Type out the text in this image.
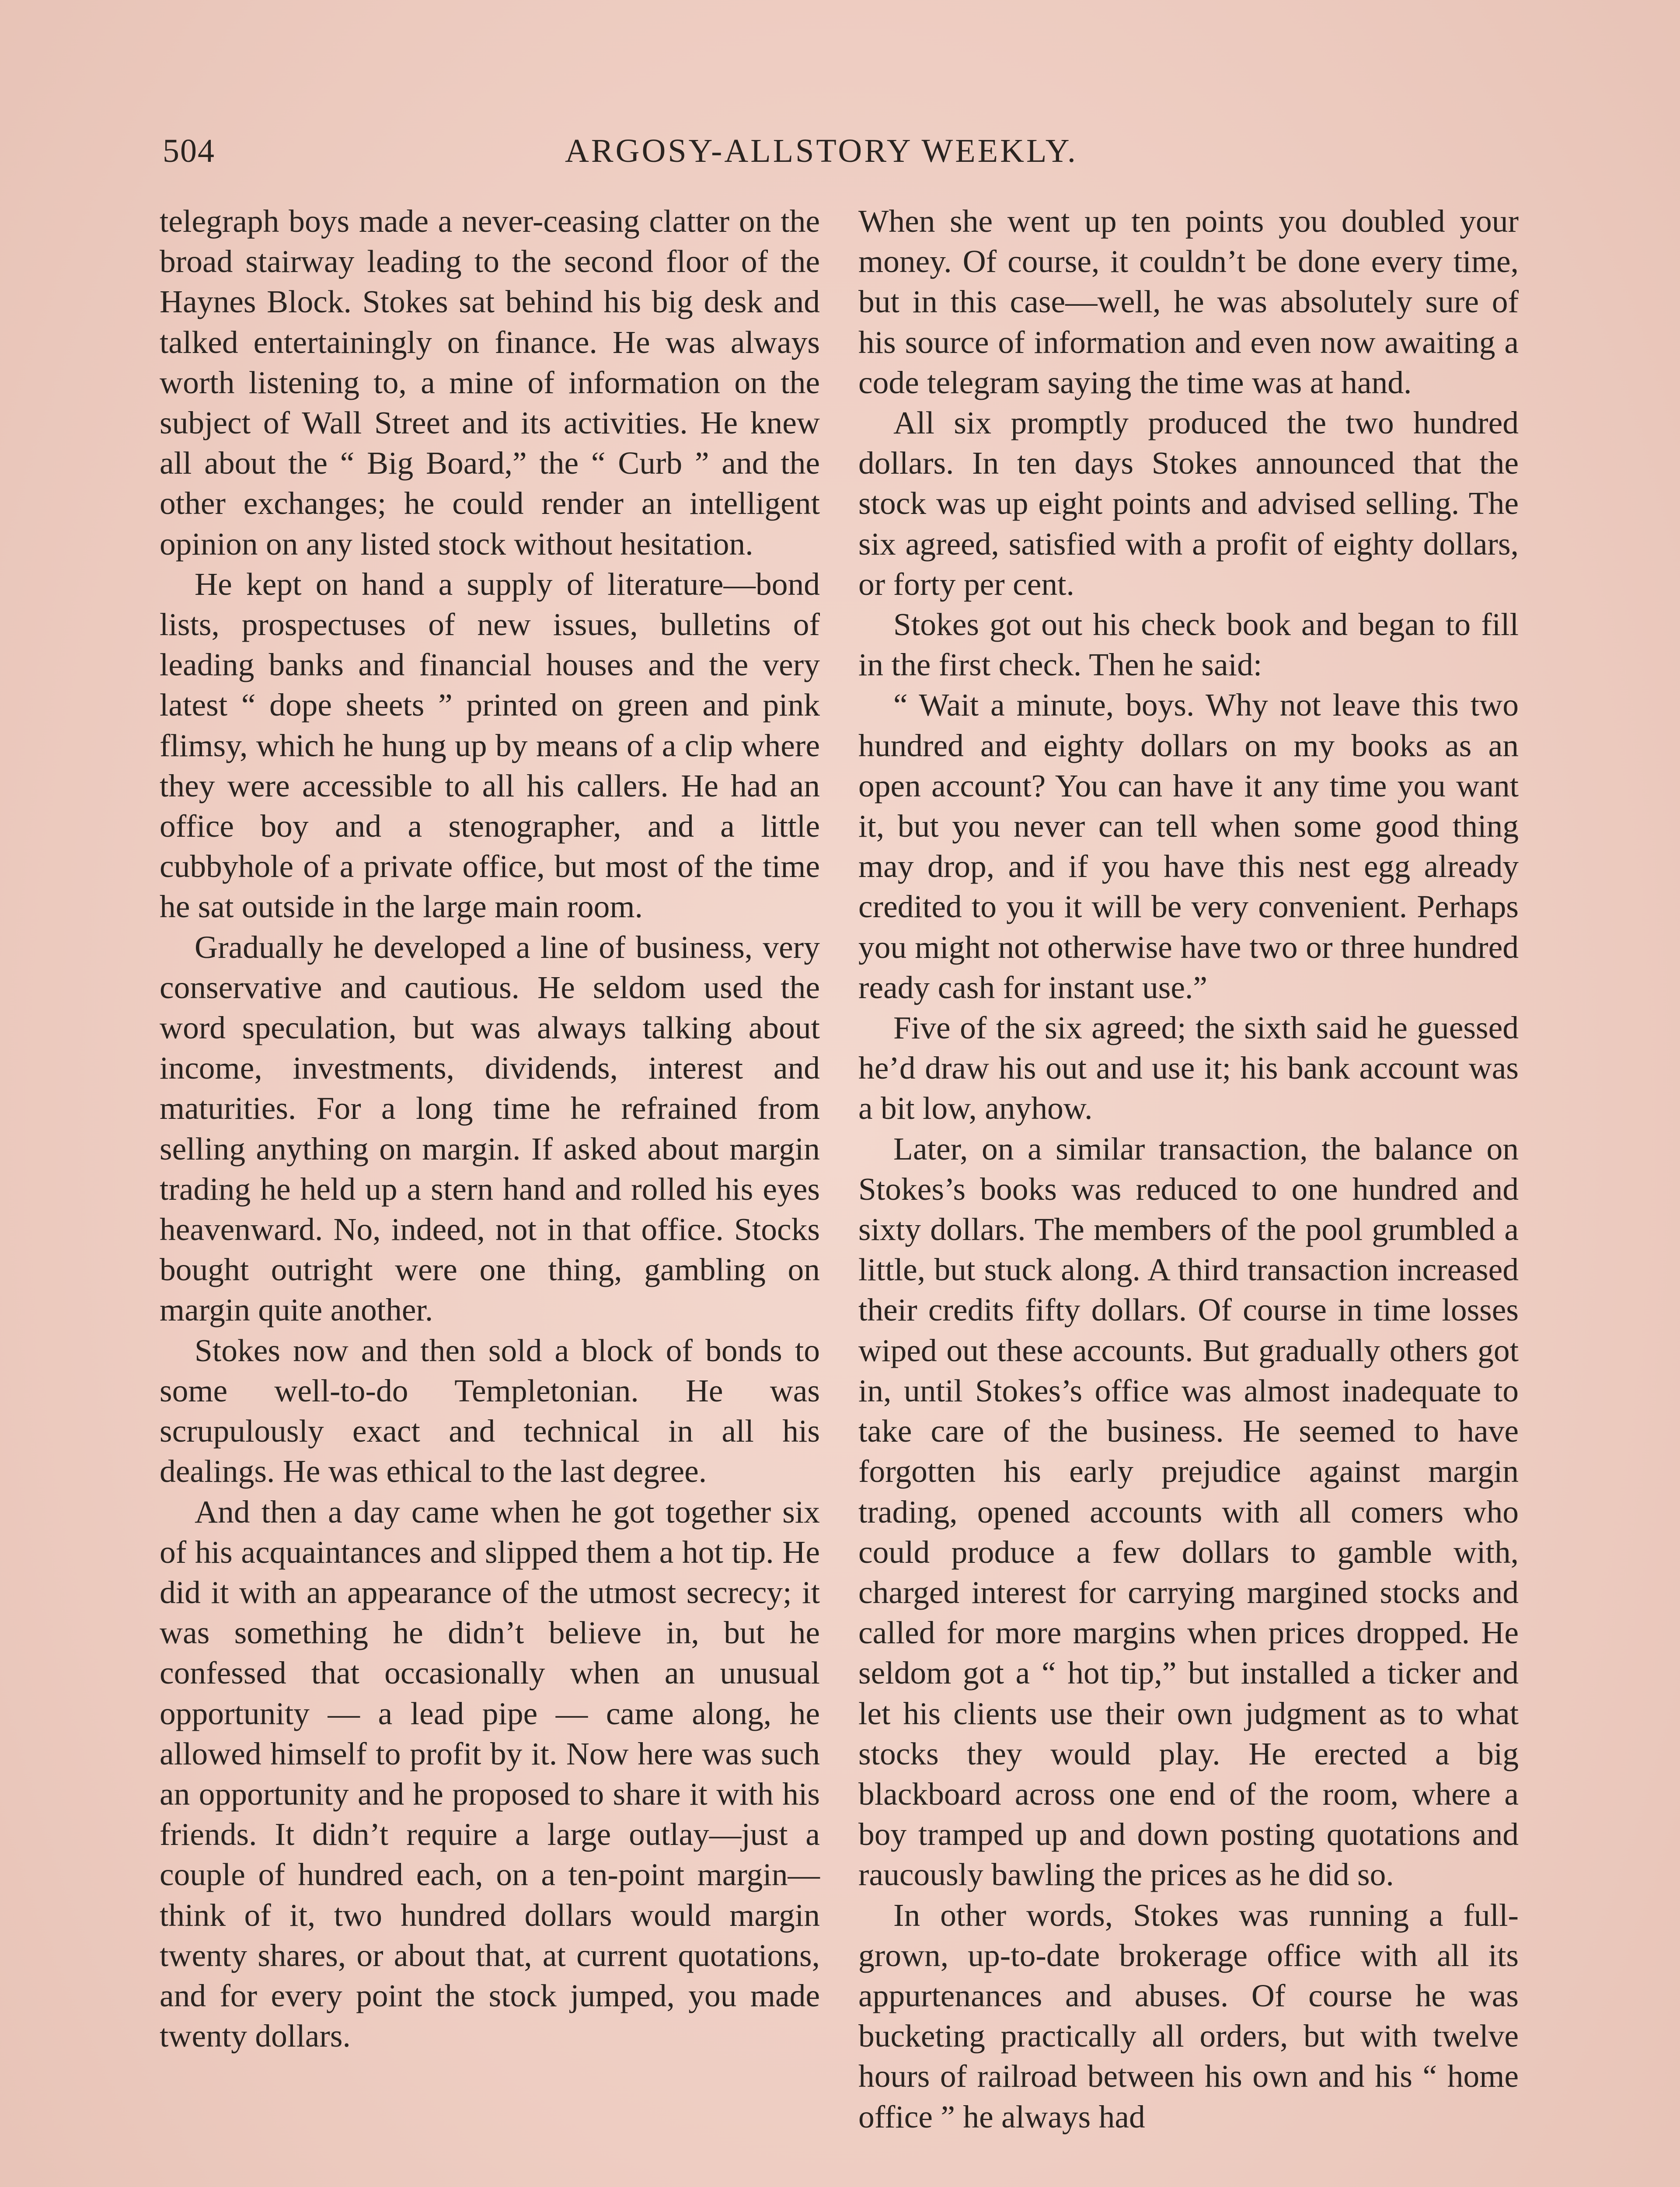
504	ARGOSY-ALLSTORY WEEKLY.

telegraph boys made a never-ceasing clatter on the broad stairway leading to the second floor of the Haynes Block. Stokes sat behind his big desk and talked entertainingly on finance. He was always worth listening to, a mine of information on the subject of Wall Street and its activities. He knew all about the “ Big Board,” the “ Curb ” and the other exchanges; he could render an intelligent opinion on any listed stock without hesitation.

He kept on hand a supply of literature—bond lists, prospectuses of new issues, bulletins of leading banks and financial houses and the very latest “ dope sheets ” printed on green and pink flimsy, which he hung up by means of a clip where they were accessible to all his callers. He had an office boy and a stenographer, and a little cubbyhole of a private office, but most of the time he sat outside in the large main room.

Gradually he developed a line of business, very conservative and cautious. He seldom used the word speculation, but was always talking about income, investments, dividends, interest and maturities. For a long time he refrained from selling anything on margin. If asked about margin trading he held up a stern hand and rolled his eyes heavenward. No, indeed, not in that office. Stocks bought outright were one thing, gambling on margin quite another.

Stokes now and then sold a block of bonds to some well-to-do Templetonian. He was scrupulously exact and technical in all his dealings. He was ethical to the last degree.

And then a day came when he got together six of his acquaintances and slipped them a hot tip. He did it with an appearance of the utmost secrecy; it was something he didn’t believe in, but he confessed that occasionally when an unusual opportunity — a lead pipe — came along, he allowed himself to profit by it. Now here was such an opportunity and he proposed to share it with his friends. It didn’t require a large outlay—just a couple of hundred each, on a ten-point margin—think of it, two hundred dollars would margin twenty shares, or about that, at current quotations, and for every point the stock jumped, you made twenty dollars.

When she went up ten points you doubled your money. Of course, it couldn’t be done every time, but in this case—well, he was absolutely sure of his source of information and even now awaiting a code telegram saying the time was at hand.

All six promptly produced the two hundred dollars. In ten days Stokes announced that the stock was up eight points and advised selling. The six agreed, satisfied with a profit of eighty dollars, or forty per cent.

Stokes got out his check book and began to fill in the first check. Then he said:

“ Wait a minute, boys. Why not leave this two hundred and eighty dollars on my books as an open account? You can have it any time you want it, but you never can tell when some good thing may drop, and if you have this nest egg already credited to you it will be very convenient. Perhaps you might not otherwise have two or three hundred ready cash for instant use.”

Five of the six agreed; the sixth said he guessed he’d draw his out and use it; his bank account was a bit low, anyhow.

Later, on a similar transaction, the balance on Stokes’s books was reduced to one hundred and sixty dollars. The members of the pool grumbled a little, but stuck along. A third transaction increased their credits fifty dollars. Of course in time losses wiped out these accounts. But gradually others got in, until Stokes’s office was almost inadequate to take care of the business. He seemed to have forgotten his early prejudice against margin trading, opened accounts with all comers who could produce a few dollars to gamble with, charged interest for carrying margined stocks and called for more margins when prices dropped. He seldom got a “ hot tip,” but installed a ticker and let his clients use their own judgment as to what stocks they would play. He erected a big blackboard across one end of the room, where a boy tramped up and down posting quotations and raucously bawling the prices as he did so.

In other words, Stokes was running a full-grown, up-to-date brokerage office with all its appurtenances and abuses. Of course he was bucketing practically all orders, but with twelve hours of railroad between his own and his “ home office ” he always had
